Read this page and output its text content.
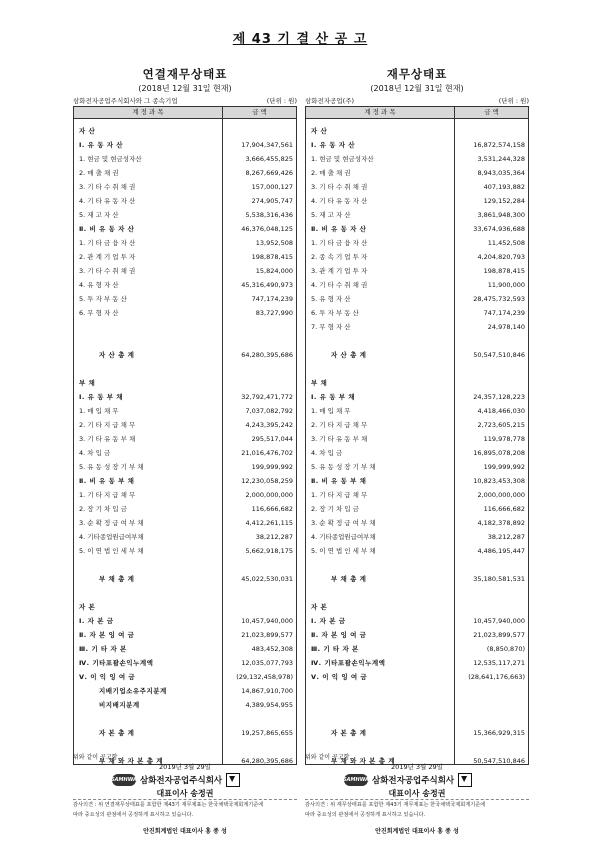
제 43 기 결 산 공 고
연결재무상태표
(2018년 12월 31일 현재)
삼화전자공업주식회사와 그 종속기업	(단위 : 원)
계 정 과 목	금 액
자 산
Ⅰ. 유 동 자 산	17,904,347,561
1. 현금 및 현금성자산	3,666,455,825
2. 매 출 채 권	8,267,669,426
3. 기 타 수 취 채 권	157,000,127
4. 기 타 유 동 자 산	274,905,747
5. 재 고 자 산	5,538,316,436
Ⅱ. 비 유 동 자 산	46,376,048,125
1. 기 타 금 융 자 산	13,952,508
2. 관 계 기 업 투 자	198,878,415
3. 기 타 수 취 채 권	15,824,000
4. 유 형 자 산	45,316,490,973
5. 투 자 부 동 산	747,174,239
6. 무 형 자 산	83,727,990
자 산 총 계	64,280,395,686
부 채
Ⅰ. 유 동 부 채	32,792,471,772
1. 매 입 채 무	7,037,082,792
2. 기 타 지 급 채 무	4,243,395,242
3. 기 타 유 동 부 채	295,517,044
4. 차 입 금	21,016,476,702
5. 유 동 성 장 기 부 채	199,999,992
Ⅱ. 비 유 동 부 채	12,230,058,259
1. 기 타 지 급 채 무	2,000,000,000
2. 장 기 차 입 금	116,666,682
3. 순 확 정 급 여 부 채	4,412,261,115
4. 기타종업원급여부채	38,212,287
5. 이 연 법 인 세 부 채	5,662,918,175
부 채 총 계	45,022,530,031
자 본
Ⅰ. 자 본 금	10,457,940,000
Ⅱ. 자 본 잉 여 금	21,023,899,577
Ⅲ. 기 타 자 본	483,452,308
Ⅳ. 기타포괄손익누계액	12,035,077,793
Ⅴ. 이 익 잉 여 금	(29,132,458,978)
지배기업소유주지분계	14,867,910,700
비지배지분계	4,389,954,955
자 본 총 계	19,257,865,655
부 채 와 자 본 총 계	64,280,395,686
재무상태표
(2018년 12월 31일 현재)
삼화전자공업(주)	(단위 : 원)
계 정 과 목	금 액
자 산
Ⅰ. 유 동 자 산	16,872,574,158
1. 현금 및 현금성자산	3,531,244,328
2. 매 출 채 권	8,943,035,364
3. 기 타 수 취 채 권	407,193,882
4. 기 타 유 동 자 산	129,152,284
5. 재 고 자 산	3,861,948,300
Ⅱ. 비 유 동 자 산	33,674,936,688
1. 기 타 금 융 자 산	11,452,508
2. 종 속 기 업 투 자	4,204,820,793
3. 관 계 기 업 투 자	198,878,415
4. 기 타 수 취 채 권	11,900,000
5. 유 형 자 산	28,475,732,593
6. 투 자 부 동 산	747,174,239
7. 무 형 자 산	24,978,140
자 산 총 계	50,547,510,846
부 채
Ⅰ. 유 동 부 채	24,357,128,223
1. 매 입 채 무	4,418,466,030
2. 기 타 지 급 채 무	2,723,605,215
3. 기 타 유 동 부 채	119,978,778
4. 차 입 금	16,895,078,208
5. 유 동 성 장 기 부 채	199,999,992
Ⅱ. 비 유 동 부 채	10,823,453,308
1. 기 타 지 급 채 무	2,000,000,000
2. 장 기 차 입 금	116,666,682
3. 순 확 정 급 여 부 채	4,182,378,892
4. 기타종업원급여부채	38,212,287
5. 이 연 법 인 세 부 채	4,486,195,447
부 채 총 계	35,180,581,531
자 본
Ⅰ. 자 본 금	10,457,940,000
Ⅱ. 자 본 잉 여 금	21,023,899,577
Ⅲ. 기 타 자 본	(8,850,870)
Ⅳ. 기타포괄손익누계액	12,535,117,271
Ⅴ. 이 익 잉 여 금	(28,641,176,663)
자 본 총 계	15,366,929,315
부 채 와 자 본 총 계	50,547,510,846
위와 같이 공고함.	위와 같이 공고함.
2019년 3월 29일	2019년 3월 29일
SAMHWA 삼화전자공업주식회사	SAMHWA 삼화전자공업주식회사
대표이사 송정권	대표이사 송정권
감사의견 : 위 연결재무상태표를 포함한 제43기 재무제표는 한국채택국제회계기준에
따라 중요성의 관점에서 공정하게 표시하고 있습니다.
감사의견 : 위 재무상태표를 포함한 제43기 재무제표는 한국채택국제회계기준에
따라 중요성의 관점에서 공정하게 표시하고 있습니다.
안진회계법인 대표이사 홍 종 성	안진회계법인 대표이사 홍 종 성
